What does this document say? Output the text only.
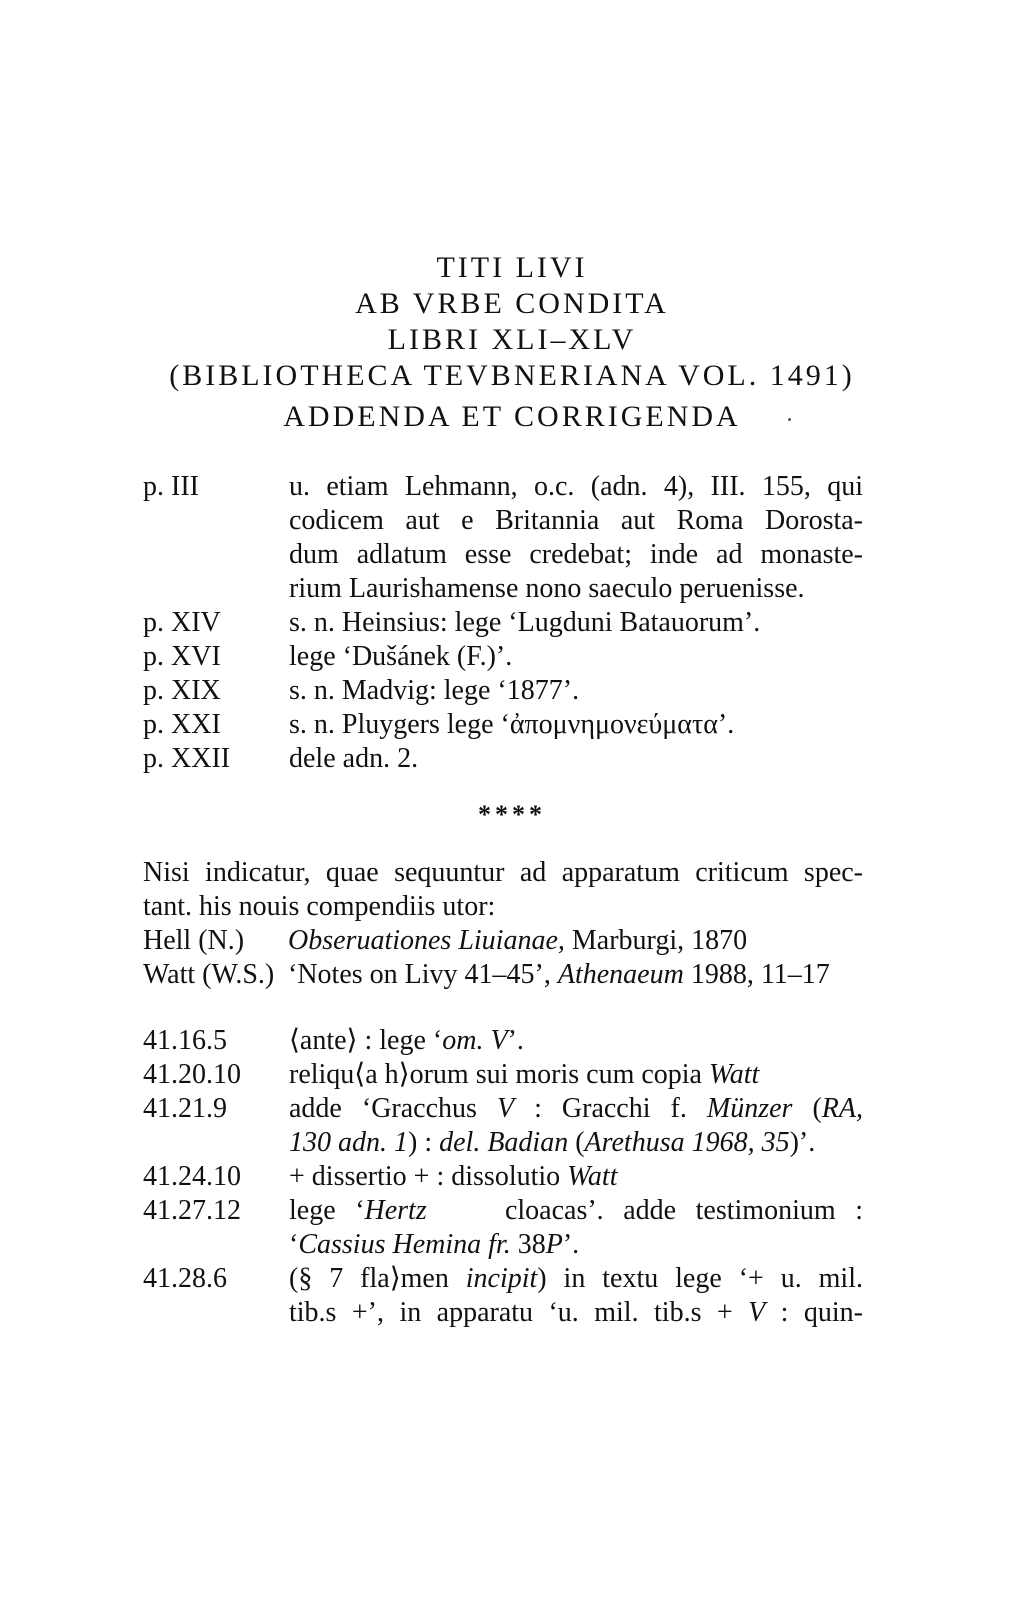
TITI LIVI
AB VRBE CONDITA
LIBRI XLI–XLV
(BIBLIOTHECA TEVBNERIANA VOL. 1491)
ADDENDA ET CORRIGENDA
p. III	u. etiam Lehmann, o.c. (adn. 4), III. 155, qui
codicem aut e Britannia aut Roma Dorosta-
dum adlatum esse credebat; inde ad monaste-
rium Laurishamense nono saeculo peruenisse.
p. XIV	s. n. Heinsius: lege ‘Lugduni Batauorum’.
p. XVI	lege ‘Dušánek (F.)’.
p. XIX	s. n. Madvig: lege ‘1877’.
p. XXI	s. n. Pluygers lege ‘ἀπομνημονεύματα’.
p. XXII	dele adn. 2.
****
Nisi indicatur, quae sequuntur ad apparatum criticum spec-
tant. his nouis compendiis utor:
Hell (N.)	Obseruationes Liuianae, Marburgi, 1870
Watt (W.S.) ‘Notes on Livy 41–45’, Athenaeum 1988, 11–17
41.16.5	⟨ante⟩ : lege ‘om. V’.
41.20.10	reliqu⟨a h⟩orum sui moris cum copia Watt
41.21.9	adde ‘Gracchus V : Gracchi f. Münzer (RA,
130 adn. 1) : del. Badian (Arethusa 1968, 35)’.
41.24.10	+ dissertio + : dissolutio Watt
41.27.12	lege ‘Hertz    cloacas’. adde testimonium :
‘Cassius Hemina fr. 38P’.
41.28.6	(§ 7 fla⟩men incipit) in textu lege ‘+ u. mil.
tib.s +’, in apparatu ‘u. mil. tib.s + V : quin-
